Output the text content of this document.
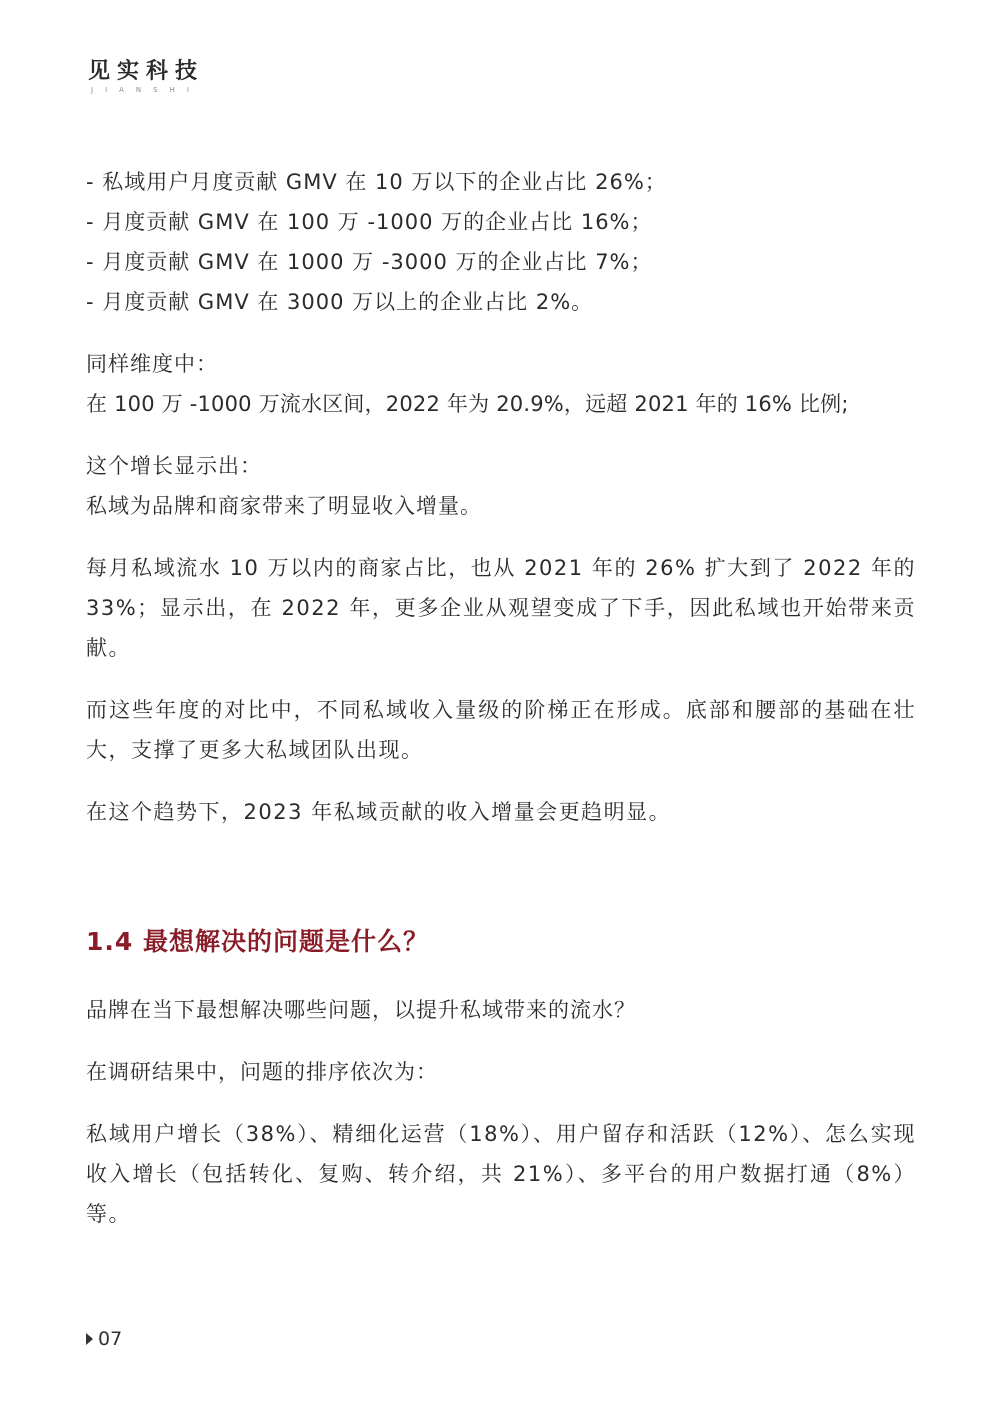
见实科技
JIANSHI
- 私域用户月度贡献 GMV 在 10 万以下的企业占比 26%；
- 月度贡献 GMV 在 100 万 -1000 万的企业占比 16%；
- 月度贡献 GMV 在 1000 万 -3000 万的企业占比 7%；
- 月度贡献 GMV 在 3000 万以上的企业占比 2%。
同样维度中：
在 100 万 -1000 万流水区间，2022 年为 20.9%，远超 2021 年的 16% 比例;
这个增长显示出：
私域为品牌和商家带来了明显收入增量。

每月私域流水 10 万以内的商家占比，也从 2021 年的 26% 扩大到了 2022 年的 33%；显示出，在 2022 年，更多企业从观望变成了下手，因此私域也开始带来贡献。

而这些年度的对比中，不同私域收入量级的阶梯正在形成。底部和腰部的基础在壮大，支撑了更多大私域团队出现。

在这个趋势下，2023 年私域贡献的收入增量会更趋明显。

1.4 最想解决的问题是什么？
品牌在当下最想解决哪些问题，以提升私域带来的流水？
在调研结果中，问题的排序依次为：

私域用户增长（38%）、精细化运营（18%）、用户留存和活跃（12%）、怎么实现收入增长（包括转化、复购、转介绍，共 21%）、多平台的用户数据打通（8%）等。

07
